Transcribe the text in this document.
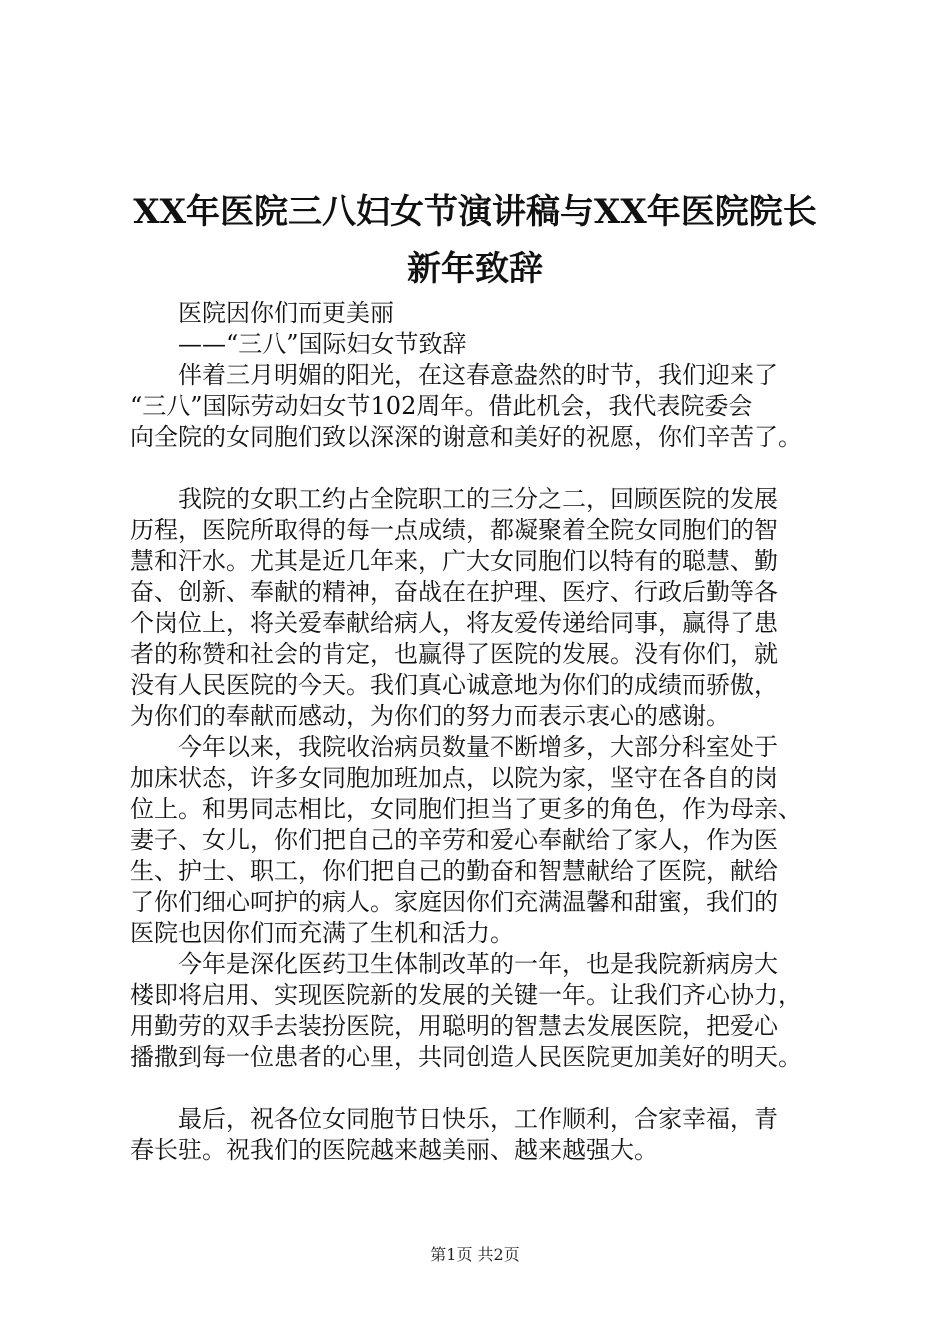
XX年医院三八妇女节演讲稿与XX年医院院长
新年致辞
医院因你们而更美丽
——“三八”国际妇女节致辞
伴着三月明媚的阳光，在这春意盎然的时节，我们迎来了
“三八”国际劳动妇女节102周年。借此机会，我代表院委会
向全院的女同胞们致以深深的谢意和美好的祝愿，你们辛苦了。
我院的女职工约占全院职工的三分之二，回顾医院的发展
历程，医院所取得的每一点成绩，都凝聚着全院女同胞们的智
慧和汗水。尤其是近几年来，广大女同胞们以特有的聪慧、勤
奋、创新、奉献的精神，奋战在在护理、医疗、行政后勤等各
个岗位上，将关爱奉献给病人，将友爱传递给同事，赢得了患
者的称赞和社会的肯定，也赢得了医院的发展。没有你们，就
没有人民医院的今天。我们真心诚意地为你们的成绩而骄傲，
为你们的奉献而感动，为你们的努力而表示衷心的感谢。
今年以来，我院收治病员数量不断增多，大部分科室处于
加床状态，许多女同胞加班加点，以院为家，坚守在各自的岗
位上。和男同志相比，女同胞们担当了更多的角色，作为母亲、
妻子、女儿，你们把自己的辛劳和爱心奉献给了家人，作为医
生、护士、职工，你们把自己的勤奋和智慧献给了医院，献给
了你们细心呵护的病人。家庭因你们充满温馨和甜蜜，我们的
医院也因你们而充满了生机和活力。
今年是深化医药卫生体制改革的一年，也是我院新病房大
楼即将启用、实现医院新的发展的关键一年。让我们齐心协力，
用勤劳的双手去装扮医院，用聪明的智慧去发展医院，把爱心
播撒到每一位患者的心里，共同创造人民医院更加美好的明天。
最后，祝各位女同胞节日快乐，工作顺利，合家幸福，青
春长驻。祝我们的医院越来越美丽、越来越强大。
第1页 共2页
